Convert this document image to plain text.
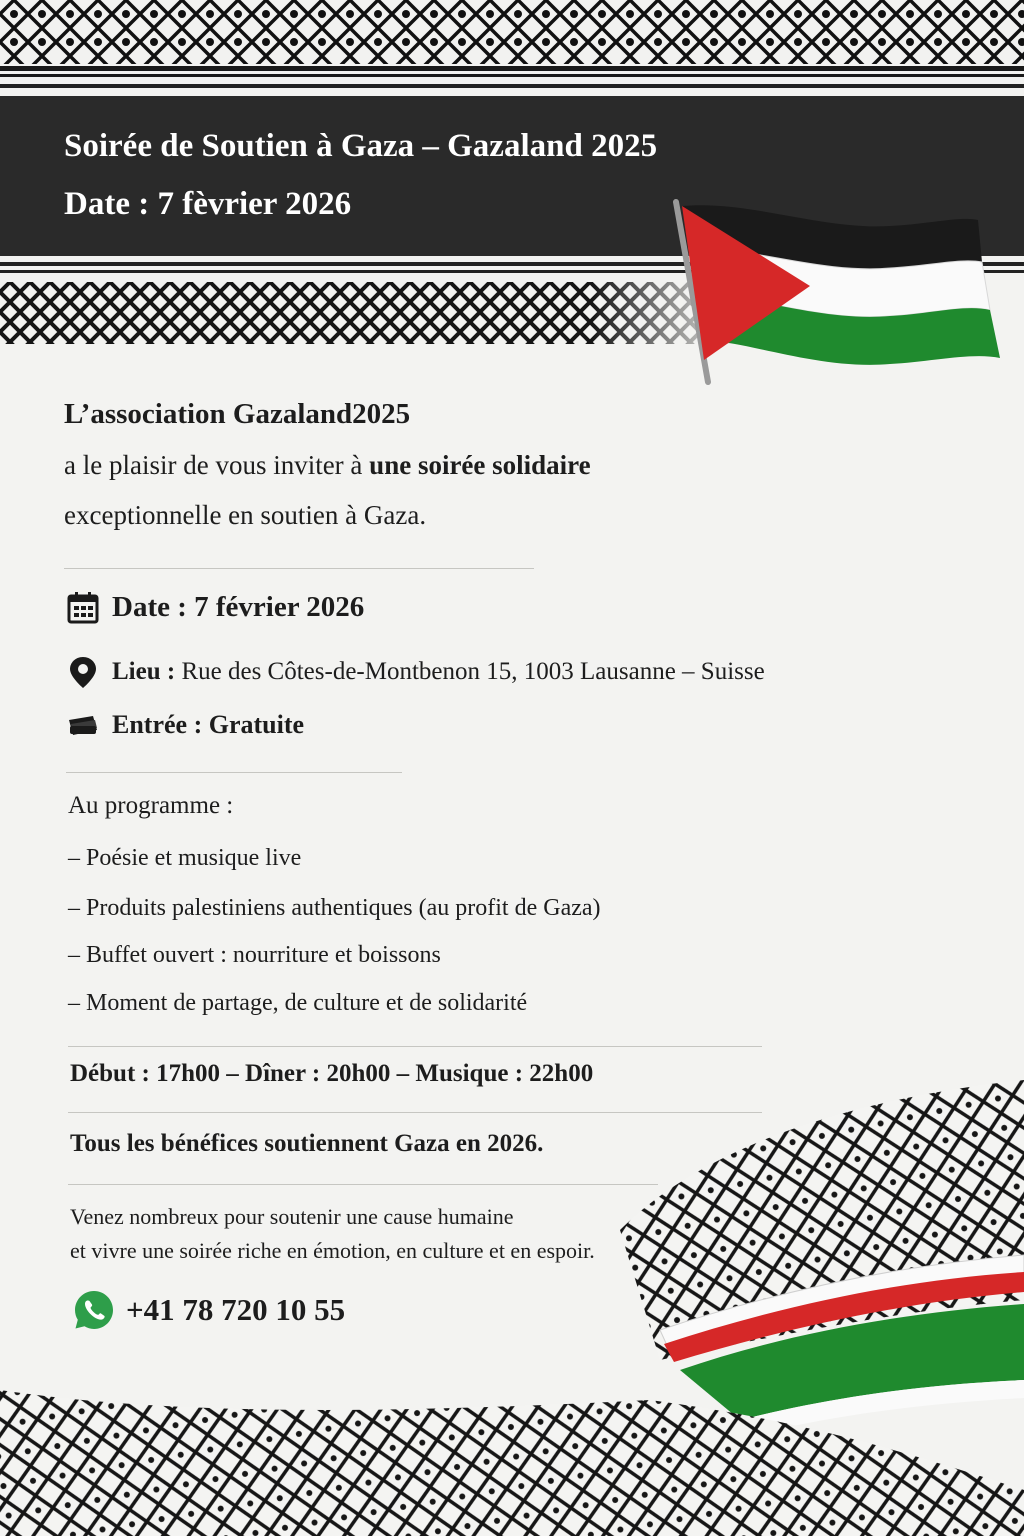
Soirée de Soutien à Gaza – Gazaland 2025
Date : 7 fèvrier 2026
L’association Gazaland2025
a le plaisir de vous inviter à une soirée solidaire
exceptionnelle en soutien à Gaza.
Date : 7 février 2026
Lieu : Rue des Côtes-de-Montbenon 15, 1003 Lausanne – Suisse
Entrée : Gratuite
Au programme :
– Poésie et musique live
– Produits palestiniens authentiques (au profit de Gaza)
– Buffet ouvert : nourriture et boissons
– Moment de partage, de culture et de solidarité
Début : 17h00 – Dîner : 20h00 – Musique : 22h00
Tous les bénéfices soutiennent Gaza en 2026.
Venez nombreux pour soutenir une cause humaine
et vivre une soirée riche en émotion, en culture et en espoir.
+41 78 720 10 55
